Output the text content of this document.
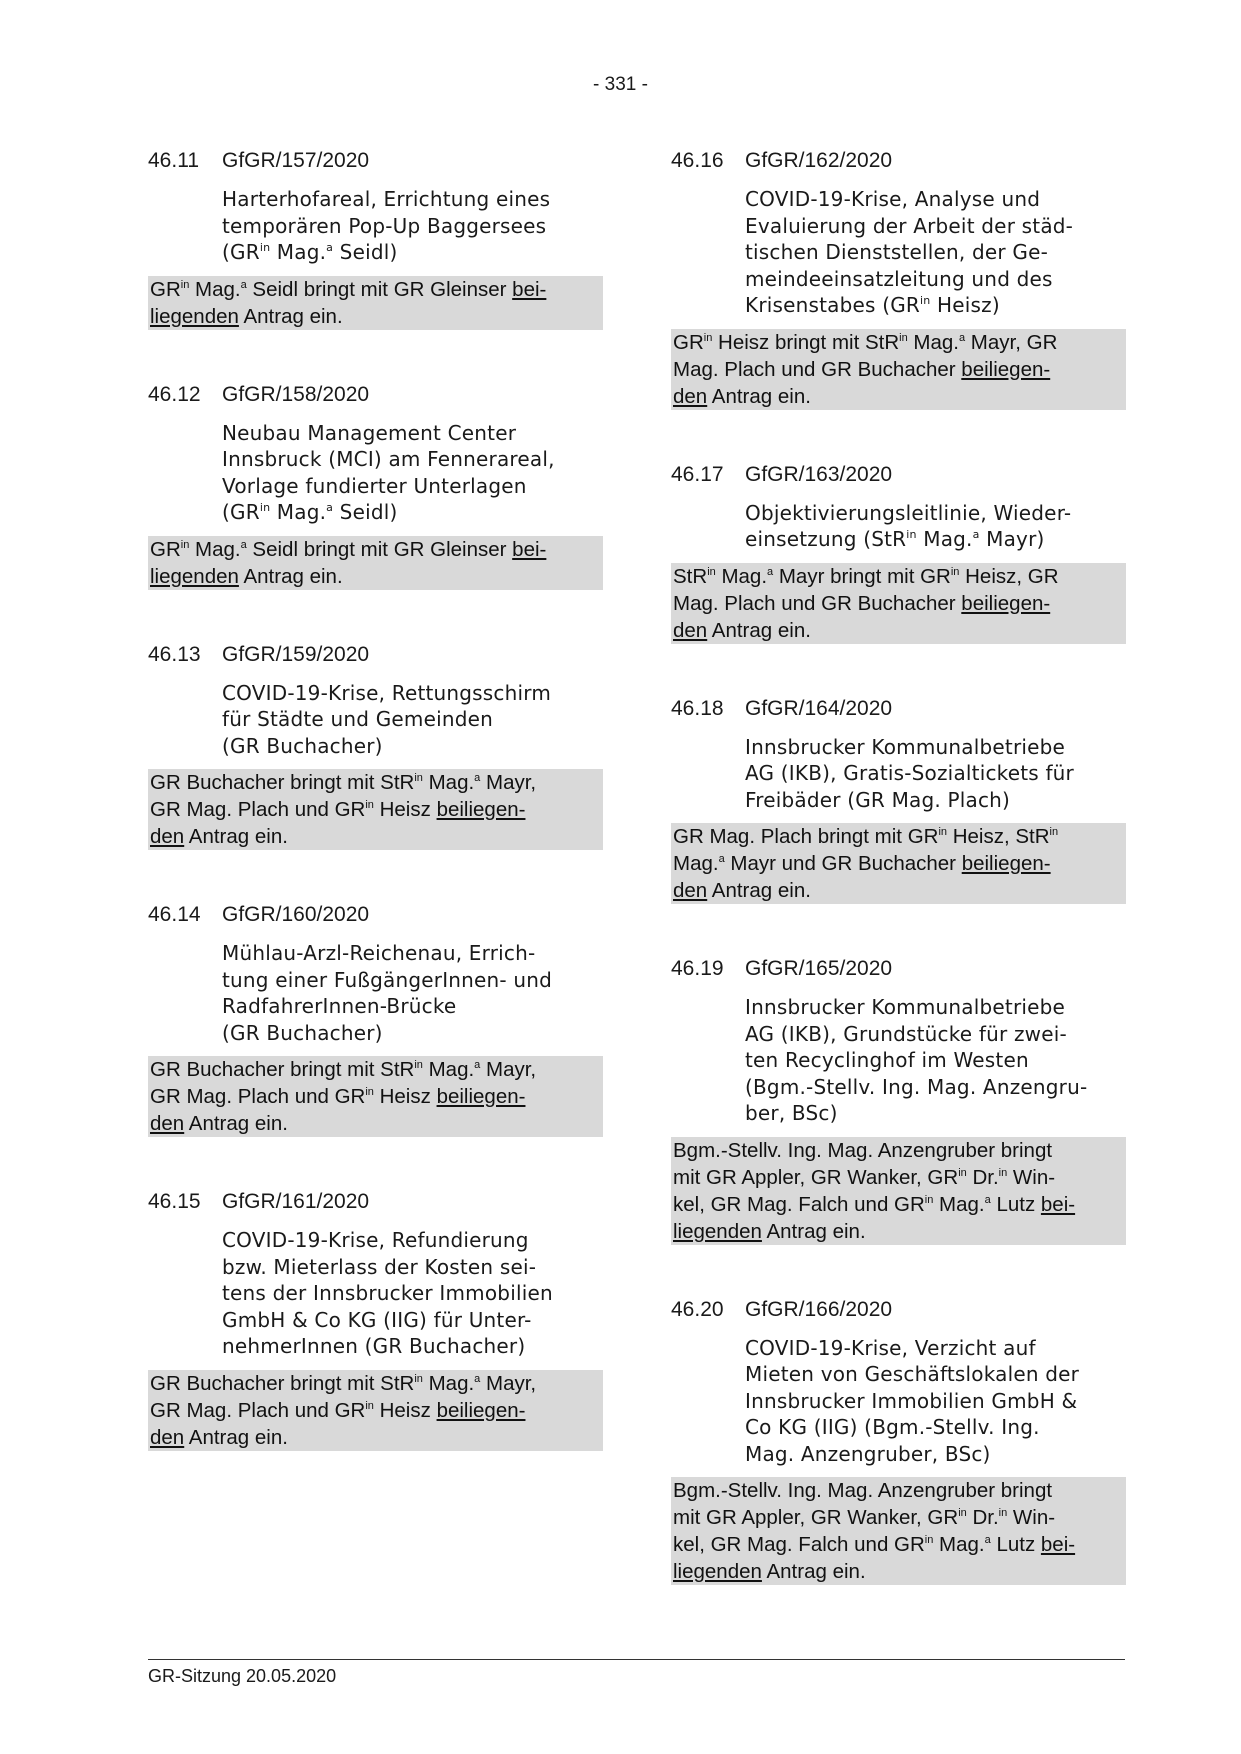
- 331 -
46.11 GfGR/157/2020
Harterhofareal, Errichtung eines
temporären Pop-Up Baggersees
($GR^{in}$ Mag.$^a$ Seidl)
$GR^{in}$ Mag.$^a$ Seidl bringt mit GR Gleinser bei-
liegenden Antrag ein.
46.12 GfGR/158/2020
Neubau Management Center
Innsbruck (MCI) am Fennerareal,
Vorlage fundierter Unterlagen
($GR^{in}$ Mag.$^a$ Seidl)
$GR^{in}$ Mag.$^a$ Seidl bringt mit GR Gleinser bei-
liegenden Antrag ein.
46.13 GfGR/159/2020
COVID-19-Krise, Rettungsschirm
für Städte und Gemeinden
(GR Buchacher)
GR Buchacher bringt mit StR$^{in}$ Mag.$^a$ Mayr,
GR Mag. Plach und $GR^{in}$ Heisz beiliegen-
den Antrag ein.
46.14 GfGR/160/2020
Mühlau-Arzl-Reichenau, Errich-
tung einer FußgängerInnen- und
RadfahrerInnen-Brücke
(GR Buchacher)
GR Buchacher bringt mit StR$^{in}$ Mag.$^a$ Mayr,
GR Mag. Plach und $GR^{in}$ Heisz beiliegen-
den Antrag ein.
46.15 GfGR/161/2020
COVID-19-Krise, Refundierung
bzw. Mieterlass der Kosten sei-
tens der Innsbrucker Immobilien
GmbH & Co KG (IIG) für Unter-
nehmerInnen (GR Buchacher)
GR Buchacher bringt mit StR$^{in}$ Mag.$^a$ Mayr,
GR Mag. Plach und $GR^{in}$ Heisz beiliegen-
den Antrag ein.
46.16 GfGR/162/2020
COVID-19-Krise, Analyse und
Evaluierung der Arbeit der städ-
tischen Dienststellen, der Ge-
meindeeinsatzleitung und des
Krisenstabes ($GR^{in}$ Heisz)
$GR^{in}$ Heisz bringt mit StR$^{in}$ Mag.$^a$ Mayr, GR
Mag. Plach und GR Buchacher beiliegen-
den Antrag ein.
46.17 GfGR/163/2020
Objektivierungsleitlinie, Wieder-
einsetzung (StR$^{in}$ Mag.$^a$ Mayr)
StR$^{in}$ Mag.$^a$ Mayr bringt mit $GR^{in}$ Heisz, GR
Mag. Plach und GR Buchacher beiliegen-
den Antrag ein.
46.18 GfGR/164/2020
Innsbrucker Kommunalbetriebe
AG (IKB), Gratis-Sozialtickets für
Freibäder (GR Mag. Plach)
GR Mag. Plach bringt mit $GR^{in}$ Heisz, StR$^{in}$
Mag.$^a$ Mayr und GR Buchacher beiliegen-
den Antrag ein.
46.19 GfGR/165/2020
Innsbrucker Kommunalbetriebe
AG (IKB), Grundstücke für zwei-
ten Recyclinghof im Westen
(Bgm.-Stellv. Ing. Mag. Anzengru-
ber, BSc)
Bgm.-Stellv. Ing. Mag. Anzengruber bringt
mit GR Appler, GR Wanker, $GR^{in}$ Dr.$^{in}$ Win-
kel, GR Mag. Falch und $GR^{in}$ Mag.$^a$ Lutz bei-
liegenden Antrag ein.
46.20 GfGR/166/2020
COVID-19-Krise, Verzicht auf
Mieten von Geschäftslokalen der
Innsbrucker Immobilien GmbH &
Co KG (IIG) (Bgm.-Stellv. Ing.
Mag. Anzengruber, BSc)
Bgm.-Stellv. Ing. Mag. Anzengruber bringt
mit GR Appler, GR Wanker, $GR^{in}$ Dr.$^{in}$ Win-
kel, GR Mag. Falch und $GR^{in}$ Mag.$^a$ Lutz bei-
liegenden Antrag ein.
GR-Sitzung 20.05.2020
